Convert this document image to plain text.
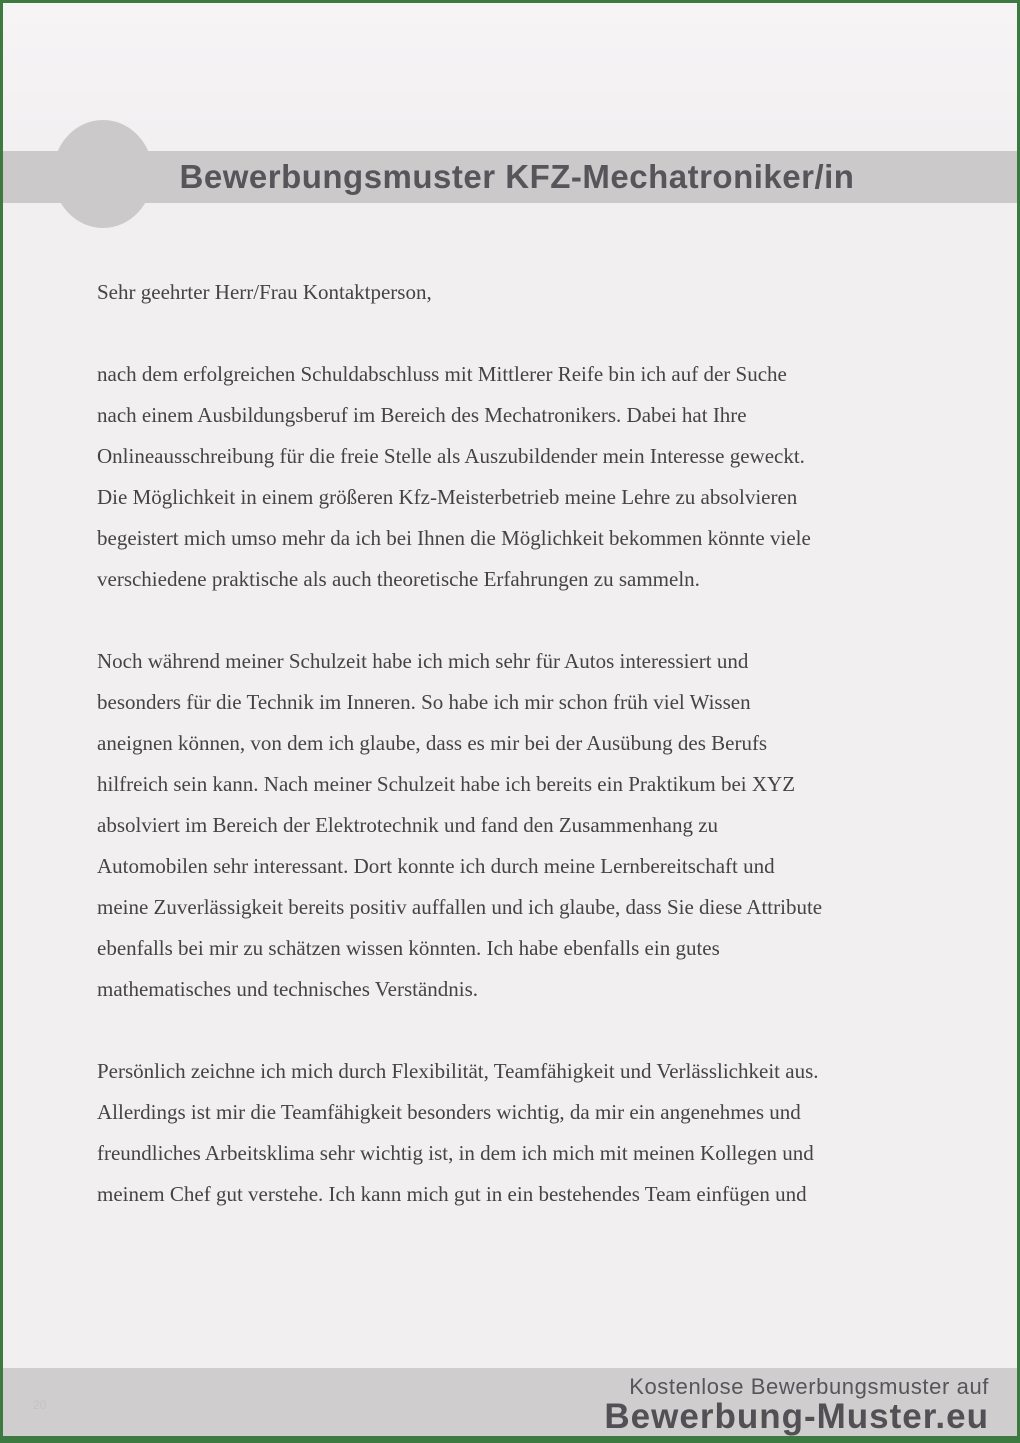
Bewerbungsmuster KFZ-Mechatroniker/in
Sehr geehrter Herr/Frau Kontaktperson,
nach dem erfolgreichen Schuldabschluss mit Mittlerer Reife bin ich auf der Suche
nach einem Ausbildungsberuf im Bereich des Mechatronikers. Dabei hat Ihre
Onlineausschreibung für die freie Stelle als Auszubildender mein Interesse geweckt.
Die Möglichkeit in einem größeren Kfz-Meisterbetrieb meine Lehre zu absolvieren
begeistert mich umso mehr da ich bei Ihnen die Möglichkeit bekommen könnte viele
verschiedene praktische als auch theoretische Erfahrungen zu sammeln.
Noch während meiner Schulzeit habe ich mich sehr für Autos interessiert und
besonders für die Technik im Inneren. So habe ich mir schon früh viel Wissen
aneignen können, von dem ich glaube, dass es mir bei der Ausübung des Berufs
hilfreich sein kann. Nach meiner Schulzeit habe ich bereits ein Praktikum bei XYZ
absolviert im Bereich der Elektrotechnik und fand den Zusammenhang zu
Automobilen sehr interessant. Dort konnte ich durch meine Lernbereitschaft und
meine Zuverlässigkeit bereits positiv auffallen und ich glaube, dass Sie diese Attribute
ebenfalls bei mir zu schätzen wissen könnten. Ich habe ebenfalls ein gutes
mathematisches und technisches Verständnis.
Persönlich zeichne ich mich durch Flexibilität, Teamfähigkeit und Verlässlichkeit aus.
Allerdings ist mir die Teamfähigkeit besonders wichtig, da mir ein angenehmes und
freundliches Arbeitsklima sehr wichtig ist, in dem ich mich mit meinen Kollegen und
meinem Chef gut verstehe. Ich kann mich gut in ein bestehendes Team einfügen und
Kostenlose Bewerbungsmuster auf
Bewerbung-Muster.eu
20
